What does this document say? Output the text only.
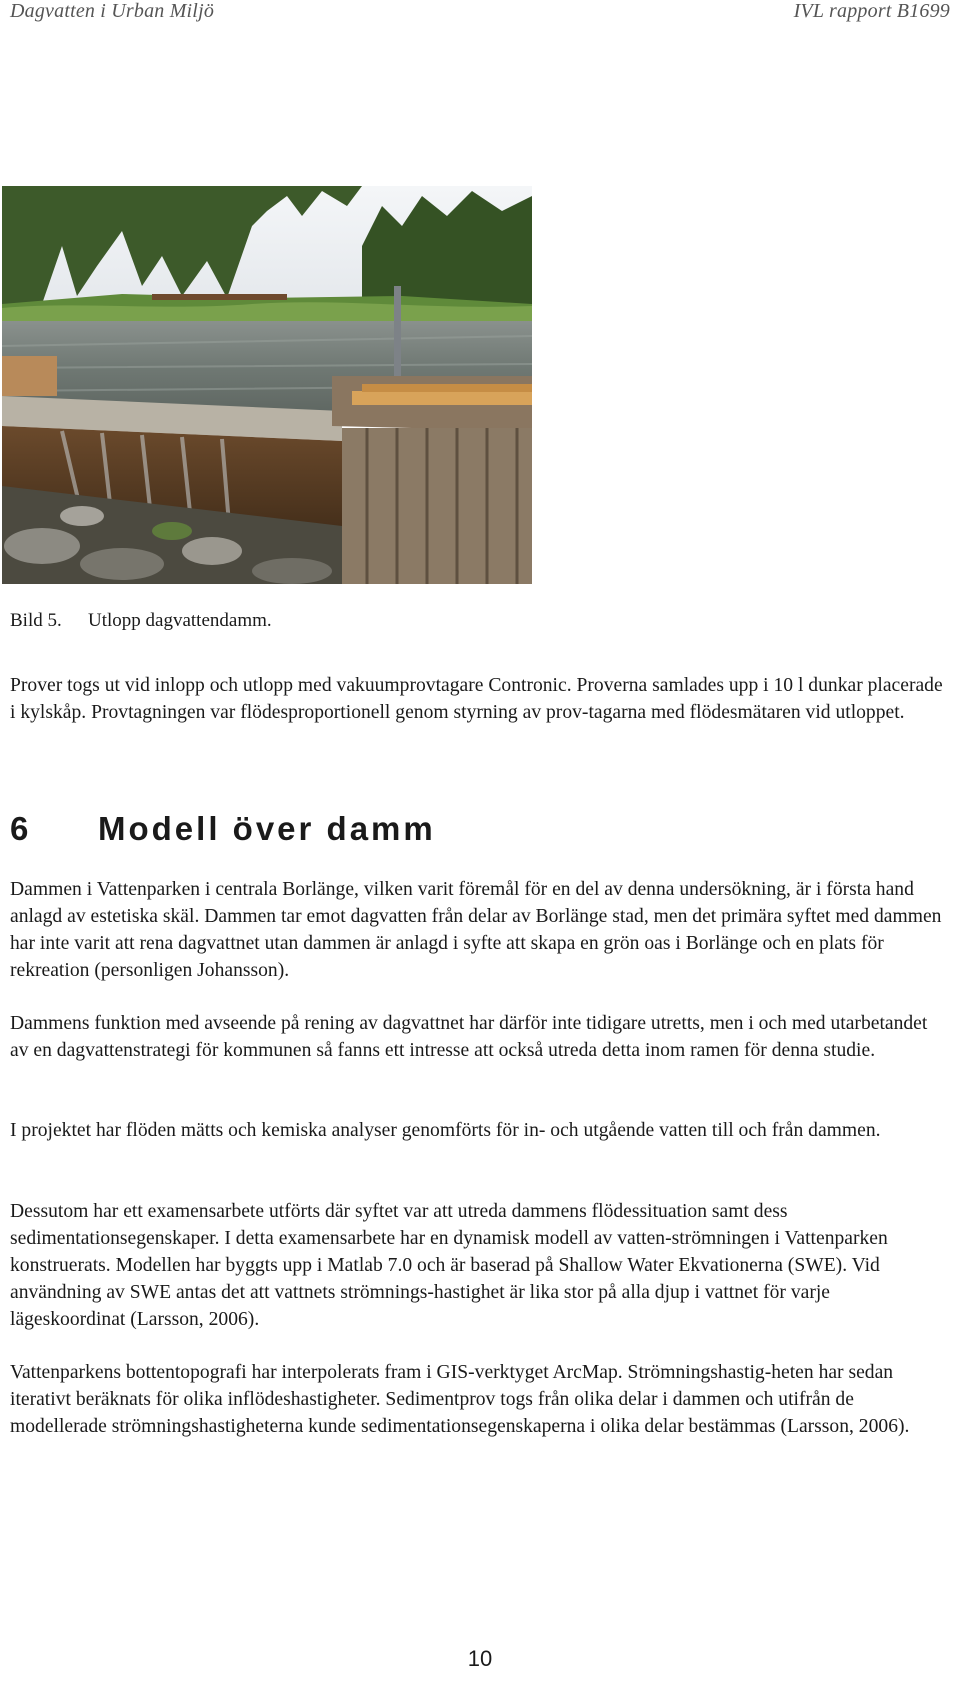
Dagvatten i Urban Miljö	IVL rapport B1699
Bild 5. Utlopp dagvattendamm.

Prover togs ut vid inlopp och utlopp med vakuumprovtagare Contronic. Proverna samlades upp i 10 l dunkar placerade i kylskåp. Provtagningen var flödesproportionell genom styrning av prov-tagarna med flödesmätaren vid utloppet.

6 Modell över damm

Dammen i Vattenparken i centrala Borlänge, vilken varit föremål för en del av denna undersökning, är i första hand anlagd av estetiska skäl. Dammen tar emot dagvatten från delar av Borlänge stad, men det primära syftet med dammen har inte varit att rena dagvattnet utan dammen är anlagd i syfte att skapa en grön oas i Borlänge och en plats för rekreation (personligen Johansson).

Dammens funktion med avseende på rening av dagvattnet har därför inte tidigare utretts, men i och med utarbetandet av en dagvattenstrategi för kommunen så fanns ett intresse att också utreda detta inom ramen för denna studie.

I projektet har flöden mätts och kemiska analyser genomförts för in- och utgående vatten till och från dammen.

Dessutom har ett examensarbete utförts där syftet var att utreda dammens flödessituation samt dess sedimentationsegenskaper. I detta examensarbete har en dynamisk modell av vatten-strömningen i Vattenparken konstruerats. Modellen har byggts upp i Matlab 7.0 och är baserad på Shallow Water Ekvationerna (SWE). Vid användning av SWE antas det att vattnets strömnings-hastighet är lika stor på alla djup i vattnet för varje lägeskoordinat (Larsson, 2006).

Vattenparkens bottentopografi har interpolerats fram i GIS-verktyget ArcMap. Strömningshastig-heten har sedan iterativt beräknats för olika inflödeshastigheter. Sedimentprov togs från olika delar i dammen och utifrån de modellerade strömningshastigheterna kunde sedimentationsegenskaperna i olika delar bestämmas (Larsson, 2006).

10
